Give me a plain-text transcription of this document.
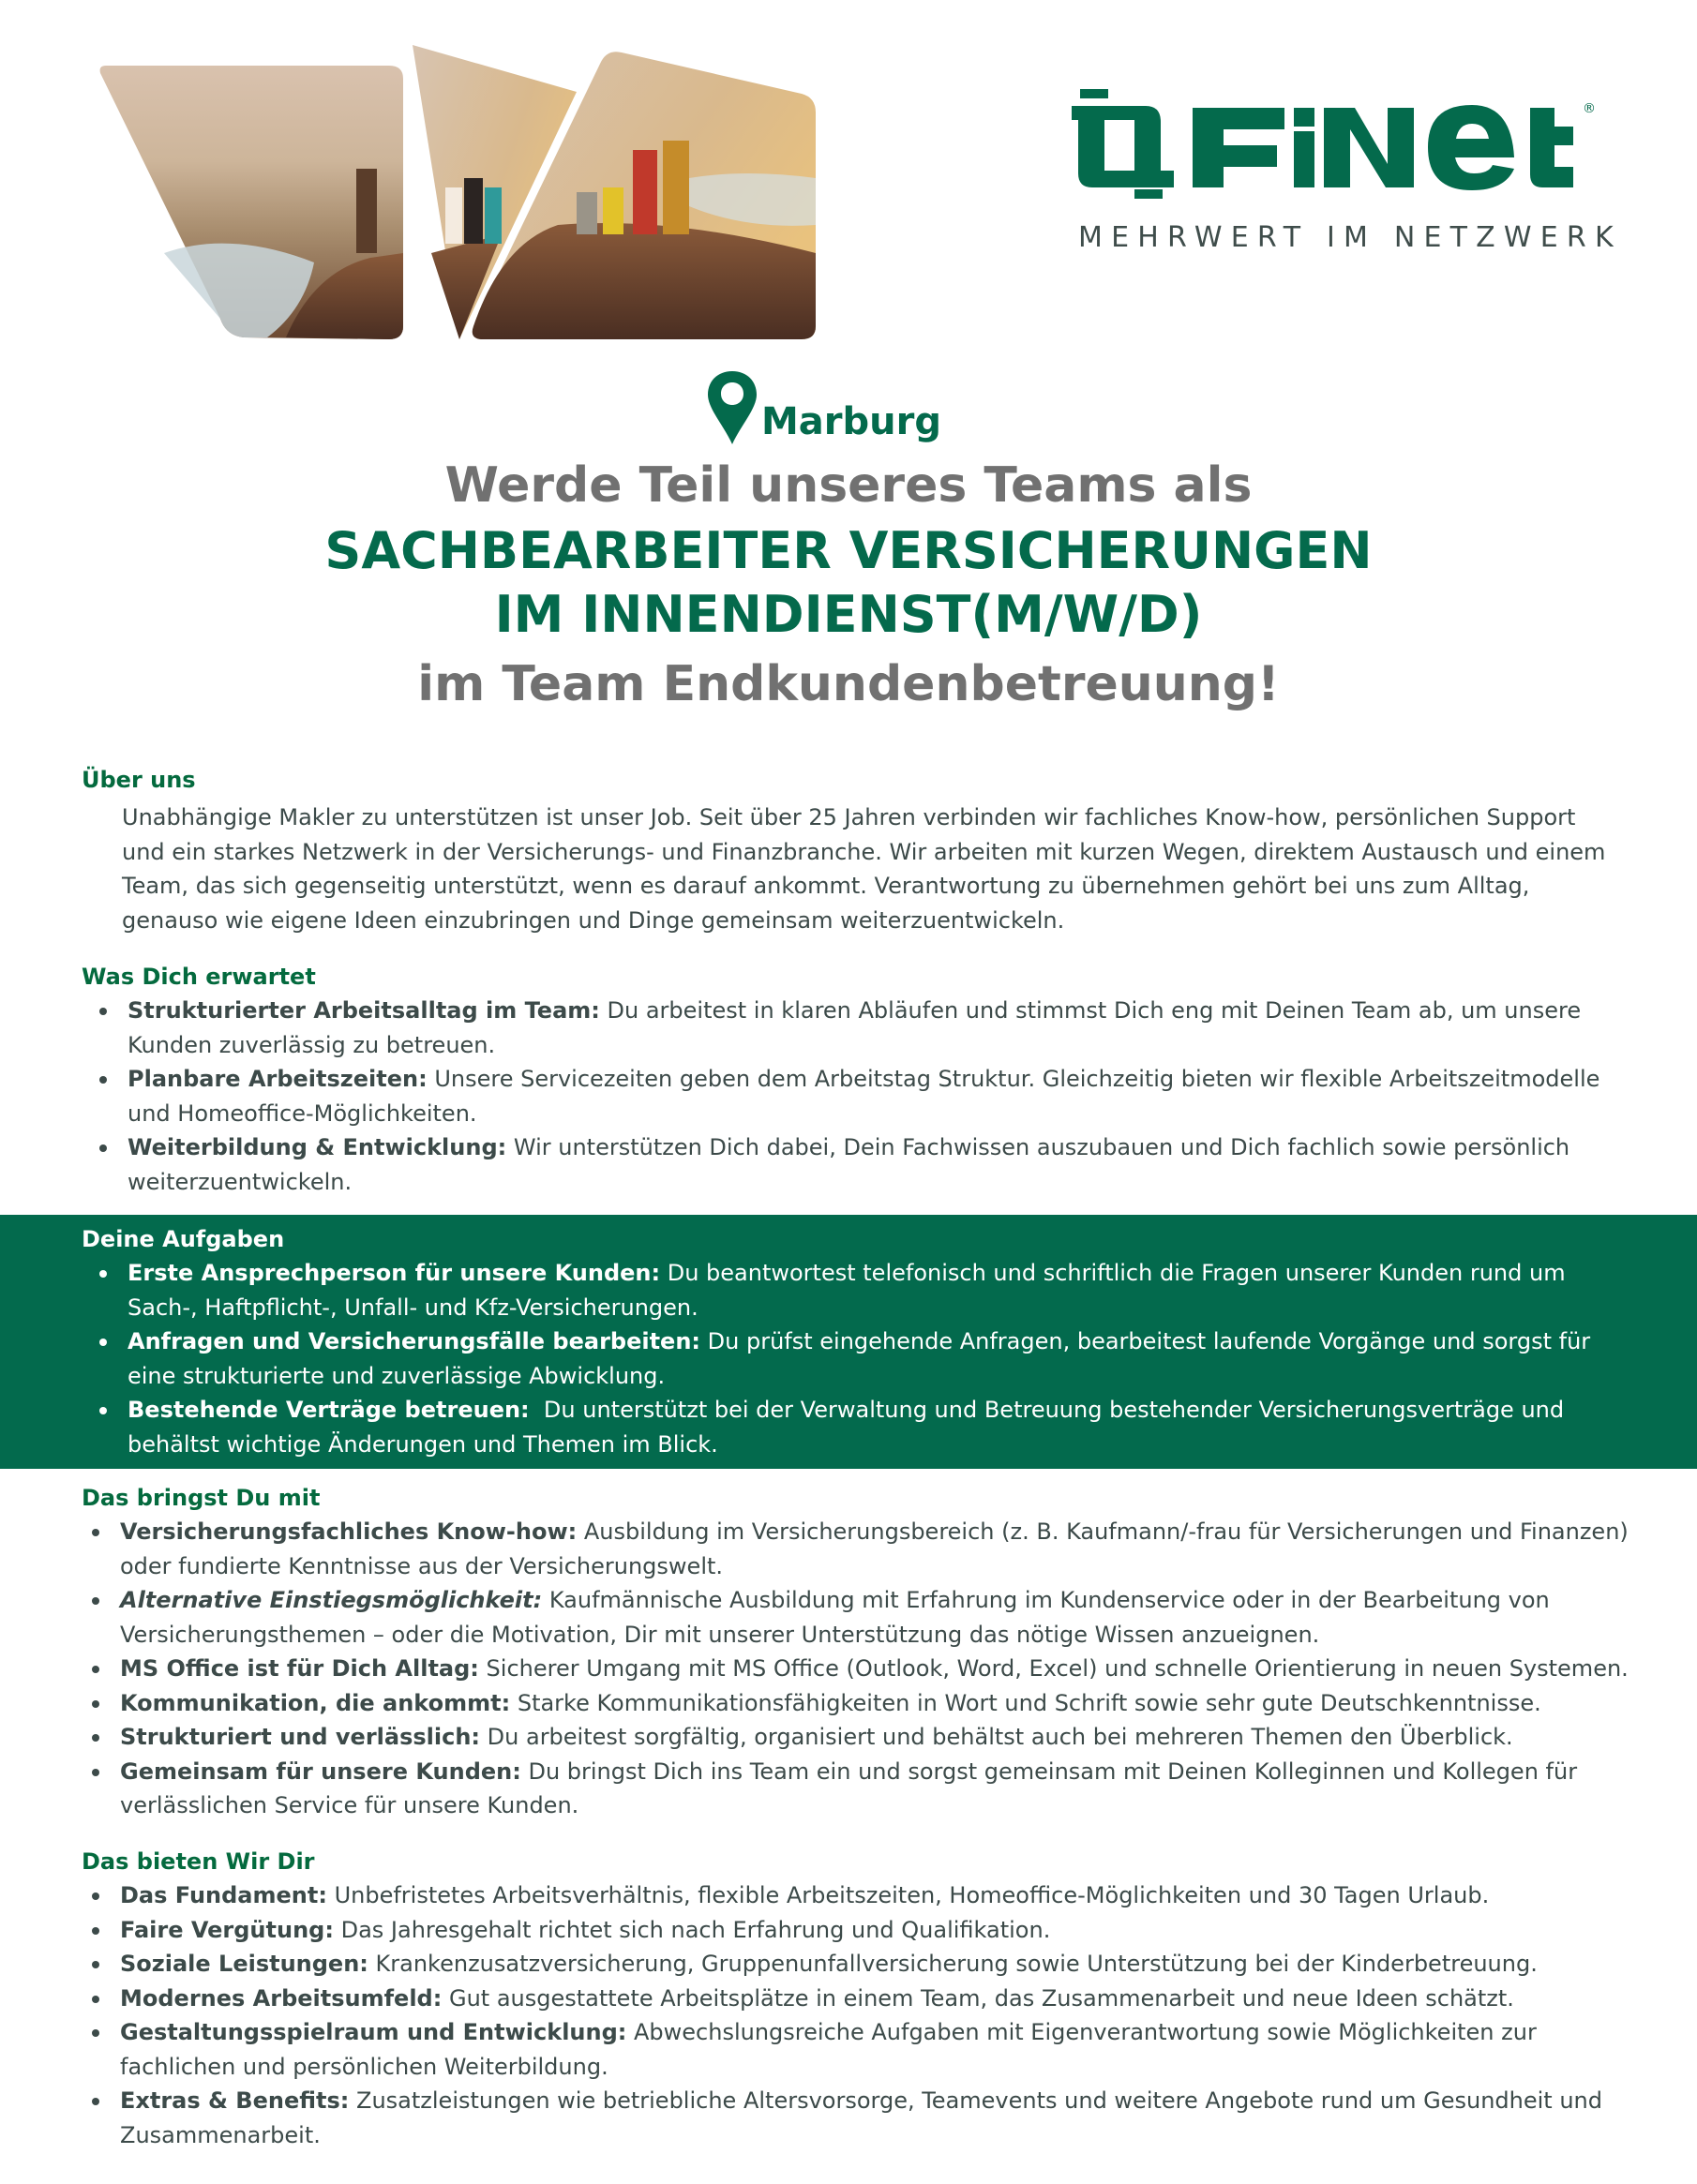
®
MEHRWERT IM NETZWERK
Marburg
Werde Teil unseres Teams als
SACHBEARBEITER VERSICHERUNGEN
IM INNENDIENST(M/W/D)
im Team Endkundenbetreuung!
Über uns
Unabhängige Makler zu unterstützen ist unser Job. Seit über 25 Jahren verbinden wir fachliches Know-how, persönlichen Support und ein starkes Netzwerk in der Versicherungs- und Finanzbranche. Wir arbeiten mit kurzen Wegen, direktem Austausch und einem Team, das sich gegenseitig unterstützt, wenn es darauf ankommt. Verantwortung zu übernehmen gehört bei uns zum Alltag, genauso wie eigene Ideen einzubringen und Dinge gemeinsam weiterzuentwickeln.
Was Dich erwartet
Strukturierter Arbeitsalltag im Team: Du arbeitest in klaren Abläufen und stimmst Dich eng mit Deinen Team ab, um unsere Kunden zuverlässig zu betreuen.
Planbare Arbeitszeiten: Unsere Servicezeiten geben dem Arbeitstag Struktur. Gleichzeitig bieten wir flexible Arbeitszeitmodelle und Homeoffice-Möglichkeiten.
Weiterbildung & Entwicklung: Wir unterstützen Dich dabei, Dein Fachwissen auszubauen und Dich fachlich sowie persönlich weiterzuentwickeln.
Deine Aufgaben
Erste Ansprechperson für unsere Kunden: Du beantwortest telefonisch und schriftlich die Fragen unserer Kunden rund um Sach-, Haftpflicht-, Unfall- und Kfz-Versicherungen.
Anfragen und Versicherungsfälle bearbeiten: Du prüfst eingehende Anfragen, bearbeitest laufende Vorgänge und sorgst für eine strukturierte und zuverlässige Abwicklung.
Bestehende Verträge betreuen:  Du unterstützt bei der Verwaltung und Betreuung bestehender Versicherungsverträge und behältst wichtige Änderungen und Themen im Blick.
Das bringst Du mit
Versicherungsfachliches Know-how: Ausbildung im Versicherungsbereich (z. B. Kaufmann/-frau für Versicherungen und Finanzen) oder fundierte Kenntnisse aus der Versicherungswelt.
Alternative Einstiegsmöglichkeit: Kaufmännische Ausbildung mit Erfahrung im Kundenservice oder in der Bearbeitung von Versicherungsthemen – oder die Motivation, Dir mit unserer Unterstützung das nötige Wissen anzueignen.
MS Office ist für Dich Alltag: Sicherer Umgang mit MS Office (Outlook, Word, Excel) und schnelle Orientierung in neuen Systemen.
Kommunikation, die ankommt: Starke Kommunikationsfähigkeiten in Wort und Schrift sowie sehr gute Deutschkenntnisse.
Strukturiert und verlässlich: Du arbeitest sorgfältig, organisiert und behältst auch bei mehreren Themen den Überblick.
Gemeinsam für unsere Kunden: Du bringst Dich ins Team ein und sorgst gemeinsam mit Deinen Kolleginnen und Kollegen für verlässlichen Service für unsere Kunden.
Das bieten Wir Dir
Das Fundament: Unbefristetes Arbeitsverhältnis, flexible Arbeitszeiten, Homeoffice-Möglichkeiten und 30 Tagen Urlaub.
Faire Vergütung: Das Jahresgehalt richtet sich nach Erfahrung und Qualifikation.
Soziale Leistungen: Krankenzusatzversicherung, Gruppenunfallversicherung sowie Unterstützung bei der Kinderbetreuung.
Modernes Arbeitsumfeld: Gut ausgestattete Arbeitsplätze in einem Team, das Zusammenarbeit und neue Ideen schätzt.
Gestaltungsspielraum und Entwicklung: Abwechslungsreiche Aufgaben mit Eigenverantwortung sowie Möglichkeiten zur fachlichen und persönlichen Weiterbildung.
Extras & Benefits: Zusatzleistungen wie betriebliche Altersvorsorge, Teamevents und weitere Angebote rund um Gesundheit und Zusammenarbeit.
